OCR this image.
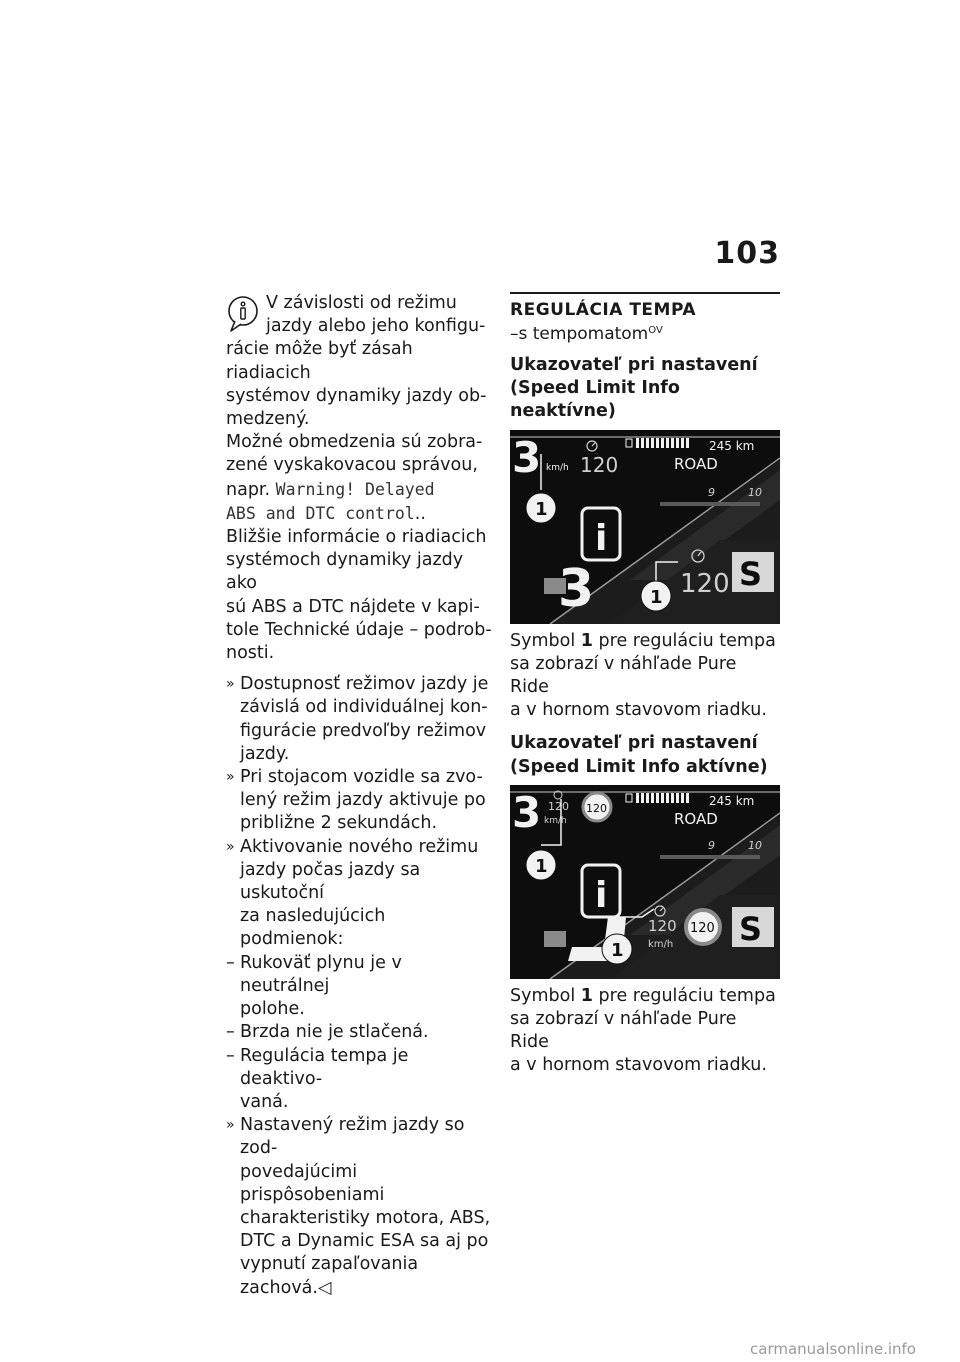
103

V závislosti od režimu
jazdy alebo jeho konfigu-
rácie môže byť zásah riadiacich
systémov dynamiky jazdy ob-
medzený.

Možné obmedzenia sú zobra-
zené vyskakovacou správou,
napr. Warning! Delayed
ABS and DTC control..

Bližšie informácie o riadiacich
systémoch dynamiky jazdy ako
sú ABS a DTC nájdete v kapi-
tole Technické údaje – podrob-
nosti.

» Dostupnosť režimov jazdy je
závislá od individuálnej kon-
figurácie predvoľby režimov
jazdy.
» Pri stojacom vozidle sa zvo-
lený režim jazdy aktivuje po
približne 2 sekundách.
» Aktivovanie nového režimu
jazdy počas jazdy sa uskutoční
za nasledujúcich podmienok:
– Rukoväť plynu je v neutrálnej
polohe.
– Brzda nie je stlačená.
– Regulácia tempa je deaktivo-
vaná.
» Nastavený režim jazdy so zod-
povedajúcimi prispôsobeniami
charakteristiky motora, ABS,
DTC a Dynamic ESA sa aj po
vypnutí zapaľovania zachová.◁
REGULÁCIA TEMPA
–s tempomatom$^{OV}$
Ukazovateľ pri nastavení
(Speed Limit Info neaktívne)
3 km/h 120
245 km
ROAD
9	10
i
3	120 S
1
1
Symbol 1 pre reguláciu tempa
sa zobrazí v náhľade Pure Ride
a v hornom stavovom riadku.
Ukazovateľ pri nastavení
(Speed Limit Info aktívne)
3 120
km/h
120
245 km
ROAD
9	10
i
120
km/h
120 S
1
1
Symbol 1 pre reguláciu tempa
sa zobrazí v náhľade Pure Ride
a v hornom stavovom riadku.
carmanualsonline.info
